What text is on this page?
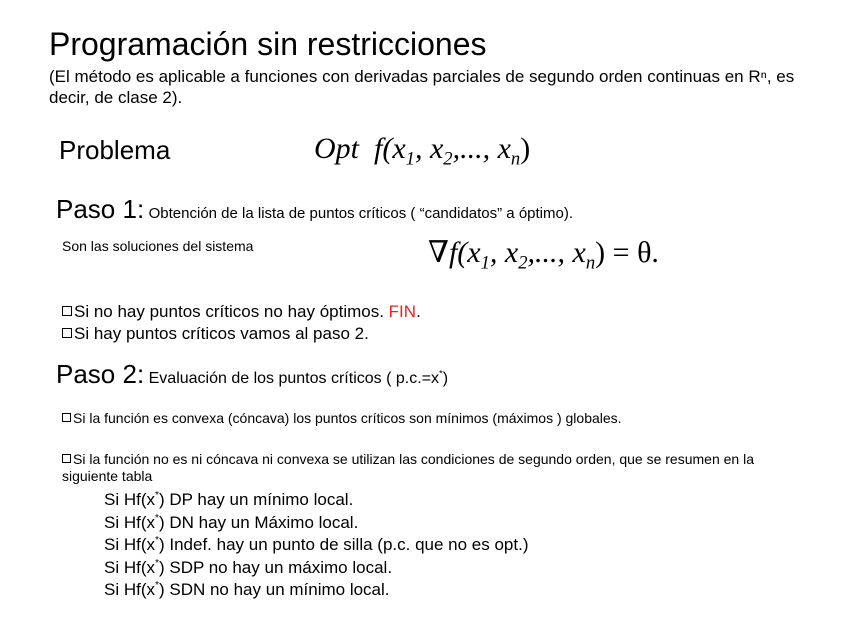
Programación sin restricciones
(El método es aplicable a funciones con derivadas parciales de segundo orden continuas en Rⁿ, es decir, de clase 2).
Problema	Opt $f(x_1$, $x_2$,..., $x_n$)
Paso 1: Obtención de la lista de puntos críticos ( “candidatos” a óptimo).
Son las soluciones del sistema	$\nabla f(x_1$, $x_2$,..., $x_n) = \theta$.
Si no hay puntos críticos no hay óptimos. FIN.
Si hay puntos críticos vamos al paso 2.
Paso 2: Evaluación de los puntos críticos ( p.c.=x*)
Si la función es convexa (cóncava) los puntos críticos son mínimos (máximos ) globales.
Si la función no es ni cóncava ni convexa se utilizan las condiciones de segundo orden, que se resumen en la siguiente tabla
Si Hf(x*) DP hay un mínimo local.
Si Hf(x*) DN hay un Máximo local.
Si Hf(x*) Indef. hay un punto de silla (p.c. que no es opt.)
Si Hf(x*) SDP no hay un máximo local.
Si Hf(x*) SDN no hay un mínimo local.
